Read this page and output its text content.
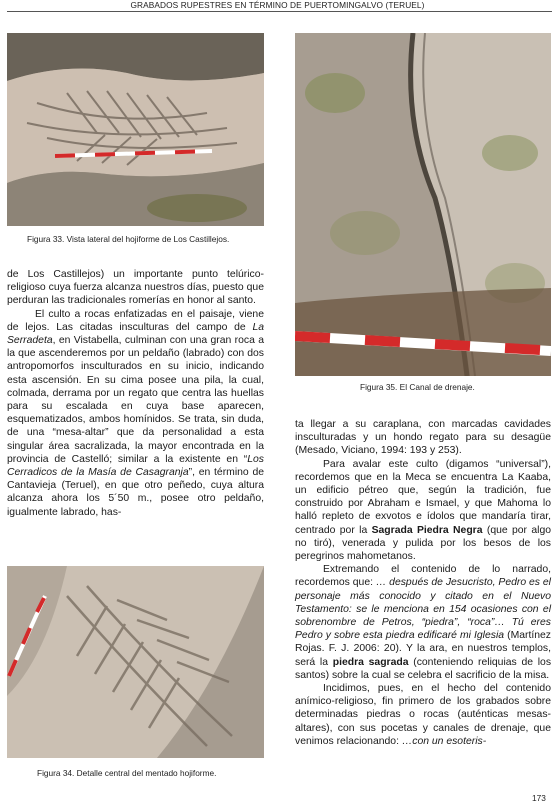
GRABADOS RUPESTRES EN TÉRMINO DE PUERTOMINGALVO (TERUEL)
Figura 33. Vista lateral del hojiforme de Los Castillejos.
Figura 35. El Canal de drenaje.

de Los Castillejos) un importante punto telúrico-religioso cuya fuerza alcanza nuestros días, puesto que perduran las tradicionales romerías en honor al santo.

El culto a rocas enfatizadas en el paisaje, viene de lejos. Las citadas insculturas del campo de La Serradeta, en Vistabella, culminan con una gran roca a la que ascenderemos por un peldaño (labrado) con dos antropomorfos insculturados en su inicio, indicando esta ascensión. En su cima posee una pila, la cual, colmada, derrama por un regato que centra las huellas para su escalada en cuya base aparecen, esquematizados, ambos homínidos. Se trata, sin duda, de una “mesa-altar” que da personalidad a esta singular área sacralizada, la mayor encontrada en la provincia de Castelló; similar a la existente en “Los Cerradicos de la Masía de Casagranja”, en término de Cantavieja (Teruel), en que otro peñedo, cuya altura alcanza ahora los 5´50 m., posee otro peldaño, igualmente labrado, has-

Figura 34. Detalle central del mentado hojiforme.

ta llegar a su caraplana, con marcadas cavidades insculturadas y un hondo regato para su desagüe (Mesado, Viciano, 1994: 193 y 253).

Para avalar este culto (digamos “universal”), recordemos que en la Meca se encuentra La Kaaba, un edificio pétreo que, según la tradición, fue construido por Abraham e Ismael, y que Mahoma lo halló repleto de exvotos e ídolos que mandaría tirar, centrado por la Sagrada Piedra Negra (que por algo no tiró), venerada y pulida por los besos de los peregrinos mahometanos.

Extremando el contenido de lo narrado, recordemos que: … después de Jesucristo, Pedro es el personaje más conocido y citado en el Nuevo Testamento: se le menciona en 154 ocasiones con el sobrenombre de Petros, “piedra”, “roca”… Tú eres Pedro y sobre esta piedra edificaré mi Iglesia (Martínez Rojas. F. J. 2006: 20). Y la ara, en nuestros templos, será la piedra sagrada (conteniendo reliquias de los santos) sobre la cual se celebra el sacrificio de la misa.

Incidimos, pues, en el hecho del contenido anímico-religioso, fin primero de los grabados sobre determinadas piedras o rocas (auténticas mesas-altares), con sus pocetas y canales de drenaje, que venimos relacionando: …con un esoteris-

173
